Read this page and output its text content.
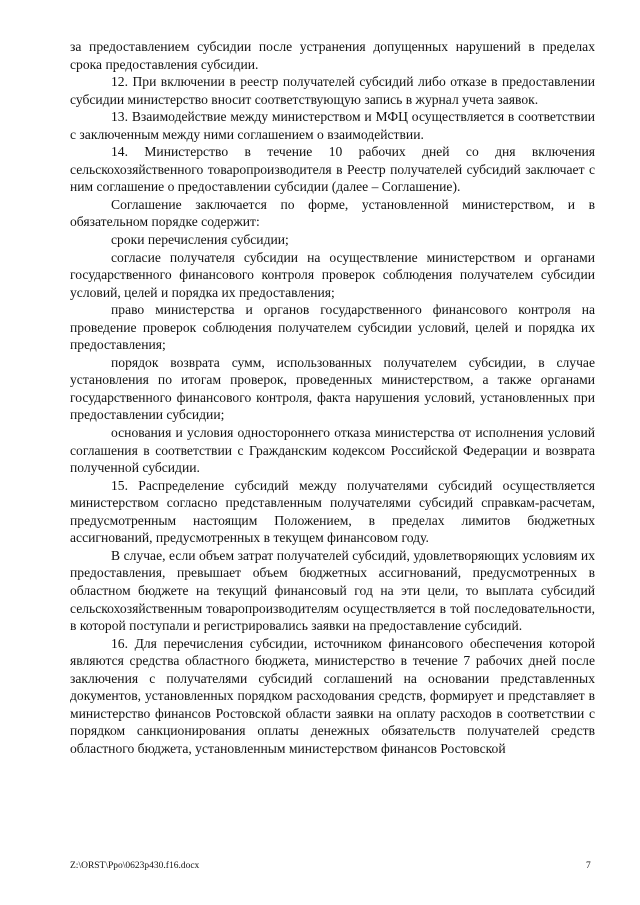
за предоставлением субсидии после устранения допущенных нарушений в пределах срока предоставления субсидии.

12. При включении в реестр получателей субсидий либо отказе в предоставлении субсидии министерство вносит соответствующую запись в журнал учета заявок.

13. Взаимодействие между министерством и МФЦ осуществляется в соответствии с заключенным между ними соглашением о взаимодействии.

14. Министерство в течение 10 рабочих дней со дня включения сельскохозяйственного товаропроизводителя в Реестр получателей субсидий заключает с ним соглашение о предоставлении субсидии (далее – Соглашение).

Соглашение заключается по форме, установленной министерством, и в обязательном порядке содержит:

сроки перечисления субсидии;

согласие получателя субсидии на осуществление министерством и органами государственного финансового контроля проверок соблюдения получателем субсидии условий, целей и порядка их предоставления;

право министерства и органов государственного финансового контроля на проведение проверок соблюдения получателем субсидии условий, целей и порядка их предоставления;

порядок возврата сумм, использованных получателем субсидии, в случае установления по итогам проверок, проведенных министерством, а также органами государственного финансового контроля, факта нарушения условий, установленных при предоставлении субсидии;

основания и условия одностороннего отказа министерства от исполнения условий соглашения в соответствии с Гражданским кодексом Российской Федерации и возврата полученной субсидии.

15. Распределение субсидий между получателями субсидий осуществляется министерством согласно представленным получателями субсидий справкам-расчетам, предусмотренным настоящим Положением, в пределах лимитов бюджетных ассигнований, предусмотренных в текущем финансовом году.

В случае, если объем затрат получателей субсидий, удовлетворяющих условиям их предоставления, превышает объем бюджетных ассигнований, предусмотренных в областном бюджете на текущий финансовый год на эти цели, то выплата субсидий сельскохозяйственным товаропроизводителям осуществляется в той последовательности, в которой поступали и регистрировались заявки на предоставление субсидий.

16. Для перечисления субсидии, источником финансового обеспечения которой являются средства областного бюджета, министерство в течение 7 рабочих дней после заключения с получателями субсидий соглашений на основании представленных документов, установленных порядком расходования средств, формирует и представляет в министерство финансов Ростовской области заявки на оплату расходов в соответствии с порядком санкционирования оплаты денежных обязательств получателей средств областного бюджета, установленным министерством финансов Ростовской

Z:\ORST\Ppo\0623p430.f16.docx	7
